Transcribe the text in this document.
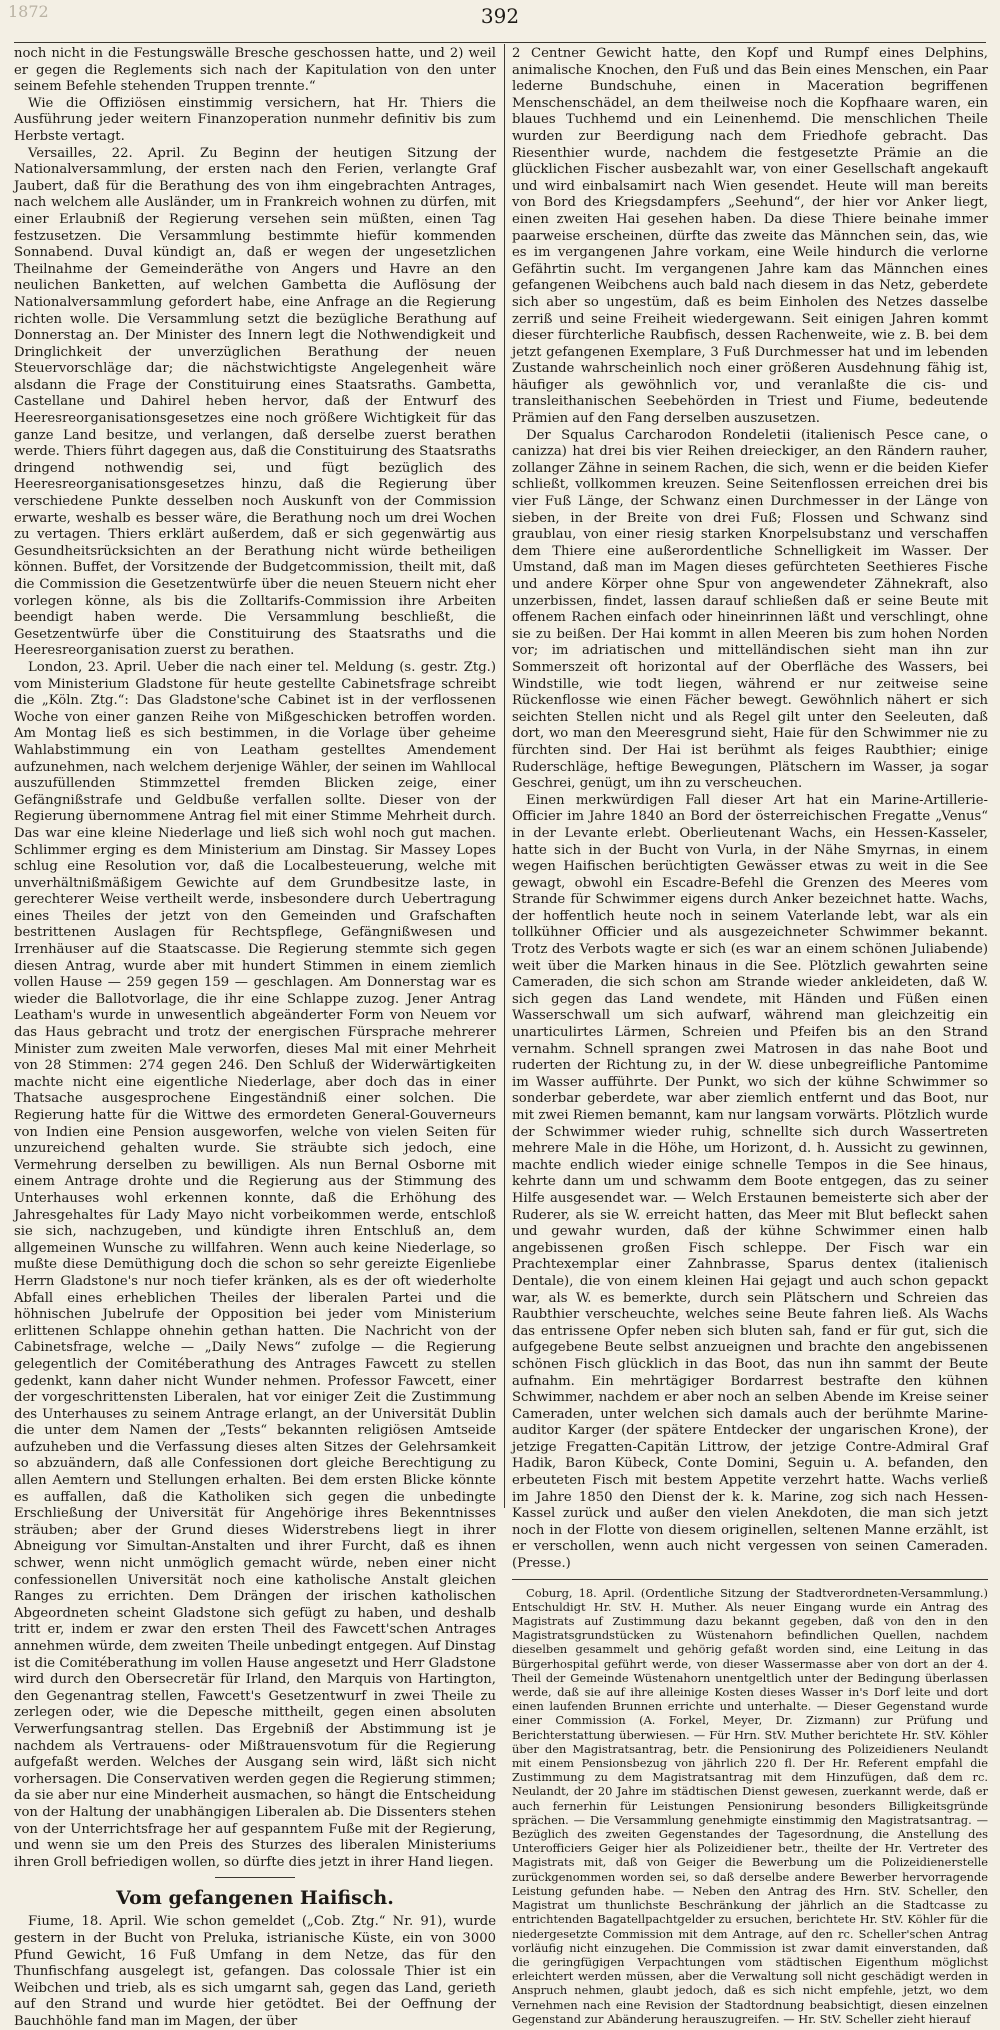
1872	392

noch nicht in die Festungswälle Bresche geschossen hatte, und 2) weil er gegen die Reglements sich nach der Kapitulation von den unter seinem Befehle stehenden Truppen trennte.“

Wie die Offiziösen einstimmig versichern, hat Hr. Thiers die Ausführung jeder weitern Finanzoperation nunmehr definitiv bis zum Herbste vertagt.

Versailles, 22. April. Zu Beginn der heutigen Sitzung der Nationalversammlung, der ersten nach den Ferien, verlangte Graf Jaubert, daß für die Berathung des von ihm eingebrachten Antrages, nach welchem alle Ausländer, um in Frankreich wohnen zu dürfen, mit einer Erlaubniß der Regierung versehen sein müßten, einen Tag festzusetzen. Die Versammlung bestimmte hiefür kommenden Sonnabend. Duval kündigt an, daß er wegen der ungesetzlichen Theilnahme der Gemeinderäthe von Angers und Havre an den neulichen Banketten, auf welchen Gambetta die Auflösung der Nationalversammlung gefordert habe, eine Anfrage an die Regierung richten wolle. Die Versammlung setzt die bezügliche Berathung auf Donnerstag an. Der Minister des Innern legt die Nothwendigkeit und Dringlichkeit der unverzüglichen Berathung der neuen Steuervorschläge dar; die nächstwichtigste Angelegenheit wäre alsdann die Frage der Constituirung eines Staatsraths. Gambetta, Castellane und Dahirel heben hervor, daß der Entwurf des Heeresreorganisationsgesetzes eine noch größere Wichtigkeit für das ganze Land besitze, und verlangen, daß derselbe zuerst berathen werde. Thiers führt dagegen aus, daß die Constituirung des Staatsraths dringend nothwendig sei, und fügt bezüglich des Heeresreorganisationsgesetzes hinzu, daß die Regierung über verschiedene Punkte desselben noch Auskunft von der Commission erwarte, weshalb es besser wäre, die Berathung noch um drei Wochen zu vertagen. Thiers erklärt außerdem, daß er sich gegenwärtig aus Gesundheitsrücksichten an der Berathung nicht würde betheiligen können. Buffet, der Vorsitzende der Budgetcommission, theilt mit, daß die Commission die Gesetzentwürfe über die neuen Steuern nicht eher vorlegen könne, als bis die Zolltarifs-Commission ihre Arbeiten beendigt haben werde. Die Versammlung beschließt, die Gesetzentwürfe über die Constituirung des Staatsraths und die Heeresreorganisation zuerst zu berathen.

London, 23. April. Ueber die nach einer tel. Meldung (s. gestr. Ztg.) vom Ministerium Gladstone für heute gestellte Cabinetsfrage schreibt die „Köln. Ztg.“: Das Gladstone'sche Cabinet ist in der verflossenen Woche von einer ganzen Reihe von Mißgeschicken betroffen worden. Am Montag ließ es sich bestimmen, in die Vorlage über geheime Wahlabstimmung ein von Leatham gestelltes Amendement aufzunehmen, nach welchem derjenige Wähler, der seinen im Wahllocal auszufüllenden Stimmzettel fremden Blicken zeige, einer Gefängnißstrafe und Geldbuße verfallen sollte. Dieser von der Regierung übernommene Antrag fiel mit einer Stimme Mehrheit durch. Das war eine kleine Niederlage und ließ sich wohl noch gut machen. Schlimmer erging es dem Ministerium am Dinstag. Sir Massey Lopes schlug eine Resolution vor, daß die Localbesteuerung, welche mit unverhältnißmäßigem Gewichte auf dem Grundbesitze laste, in gerechterer Weise vertheilt werde, insbesondere durch Uebertragung eines Theiles der jetzt von den Gemeinden und Grafschaften bestrittenen Auslagen für Rechtspflege, Gefängnißwesen und Irrenhäuser auf die Staatscasse. Die Regierung stemmte sich gegen diesen Antrag, wurde aber mit hundert Stimmen in einem ziemlich vollen Hause — 259 gegen 159 — geschlagen. Am Donnerstag war es wieder die Ballotvorlage, die ihr eine Schlappe zuzog. Jener Antrag Leatham's wurde in unwesentlich abgeänderter Form von Neuem vor das Haus gebracht und trotz der energischen Fürsprache mehrerer Minister zum zweiten Male verworfen, dieses Mal mit einer Mehrheit von 28 Stimmen: 274 gegen 246. Den Schluß der Widerwärtigkeiten machte nicht eine eigentliche Niederlage, aber doch das in einer Thatsache ausgesprochene Eingeständniß einer solchen. Die Regierung hatte für die Wittwe des ermordeten General-Gouverneurs von Indien eine Pension ausgeworfen, welche von vielen Seiten für unzureichend gehalten wurde. Sie sträubte sich jedoch, eine Vermehrung derselben zu bewilligen. Als nun Bernal Osborne mit einem Antrage drohte und die Regierung aus der Stimmung des Unterhauses wohl erkennen konnte, daß die Erhöhung des Jahresgehaltes für Lady Mayo nicht vorbeikommen werde, entschloß sie sich, nachzugeben, und kündigte ihren Entschluß an, dem allgemeinen Wunsche zu willfahren. Wenn auch keine Niederlage, so mußte diese Demüthigung doch die schon so sehr gereizte Eigenliebe Herrn Gladstone's nur noch tiefer kränken, als es der oft wiederholte Abfall eines erheblichen Theiles der liberalen Partei und die höhnischen Jubelrufe der Opposition bei jeder vom Ministerium erlittenen Schlappe ohnehin gethan hatten. Die Nachricht von der Cabinetsfrage, welche — „Daily News“ zufolge — die Regierung gelegentlich der Comitéberathung des Antrages Fawcett zu stellen gedenkt, kann daher nicht Wunder nehmen. Professor Fawcett, einer der vorgeschrittensten Liberalen, hat vor einiger Zeit die Zustimmung des Unterhauses zu seinem Antrage erlangt, an der Universität Dublin die unter dem Namen der „Tests“ bekannten religiösen Amtseide aufzuheben und die Verfassung dieses alten Sitzes der Gelehrsamkeit so abzuändern, daß alle Confessionen dort gleiche Berechtigung zu allen Aemtern und Stellungen erhalten. Bei dem ersten Blicke könnte es auffallen, daß die Katholiken sich gegen die unbedingte Erschließung der Universität für Angehörige ihres Bekenntnisses sträuben; aber der Grund dieses Widerstrebens liegt in ihrer Abneigung vor Simultan-Anstalten und ihrer Furcht, daß es ihnen schwer, wenn nicht unmöglich gemacht würde, neben einer nicht confessionellen Universität noch eine katholische Anstalt gleichen Ranges zu errichten. Dem Drängen der irischen katholischen Abgeordneten scheint Gladstone sich gefügt zu haben, und deshalb tritt er, indem er zwar den ersten Theil des Fawcett'schen Antrages annehmen würde, dem zweiten Theile unbedingt entgegen. Auf Dinstag ist die Comitéberathung im vollen Hause angesetzt und Herr Gladstone wird durch den Obersecretär für Irland, den Marquis von Hartington, den Gegenantrag stellen, Fawcett's Gesetzentwurf in zwei Theile zu zerlegen oder, wie die Depesche mittheilt, gegen einen absoluten Verwerfungsantrag stellen. Das Ergebniß der Abstimmung ist je nachdem als Vertrauens- oder Mißtrauensvotum für die Regierung aufgefaßt werden. Welches der Ausgang sein wird, läßt sich nicht vorhersagen. Die Conservativen werden gegen die Regierung stimmen; da sie aber nur eine Minderheit ausmachen, so hängt die Entscheidung von der Haltung der unabhängigen Liberalen ab. Die Dissenters stehen von der Unterrichtsfrage her auf gespanntem Fuße mit der Regierung, und wenn sie um den Preis des Sturzes des liberalen Ministeriums ihren Groll befriedigen wollen, so dürfte dies jetzt in ihrer Hand liegen.

Vom gefangenen Haifisch.

Fiume, 18. April. Wie schon gemeldet („Cob. Ztg.“ Nr. 91), wurde gestern in der Bucht von Preluka, istrianische Küste, ein von 3000 Pfund Gewicht, 16 Fuß Umfang in dem Netze, das für den Thunfischfang ausgelegt ist, gefangen. Das colossale Thier ist ein Weibchen und trieb, als es sich umgarnt sah, gegen das Land, gerieth auf den Strand und wurde hier getödtet. Bei der Oeffnung der Bauchhöhle fand man im Magen, der über

2 Centner Gewicht hatte, den Kopf und Rumpf eines Delphins, animalische Knochen, den Fuß und das Bein eines Menschen, ein Paar lederne Bundschuhe, einen in Maceration begriffenen Menschenschädel, an dem theilweise noch die Kopfhaare waren, ein blaues Tuchhemd und ein Leinenhemd. Die menschlichen Theile wurden zur Beerdigung nach dem Friedhofe gebracht. Das Riesenthier wurde, nachdem die festgesetzte Prämie an die glücklichen Fischer ausbezahlt war, von einer Gesellschaft angekauft und wird einbalsamirt nach Wien gesendet. Heute will man bereits von Bord des Kriegsdampfers „Seehund“, der hier vor Anker liegt, einen zweiten Hai gesehen haben. Da diese Thiere beinahe immer paarweise erscheinen, dürfte das zweite das Männchen sein, das, wie es im vergangenen Jahre vorkam, eine Weile hindurch die verlorne Gefährtin sucht. Im vergangenen Jahre kam das Männchen eines gefangenen Weibchens auch bald nach diesem in das Netz, geberdete sich aber so ungestüm, daß es beim Einholen des Netzes dasselbe zerriß und seine Freiheit wiedergewann. Seit einigen Jahren kommt dieser fürchterliche Raubfisch, dessen Rachenweite, wie z. B. bei dem jetzt gefangenen Exemplare, 3 Fuß Durchmesser hat und im lebenden Zustande wahrscheinlich noch einer größeren Ausdehnung fähig ist, häufiger als gewöhnlich vor, und veranlaßte die cis- und transleithanischen Seebehörden in Triest und Fiume, bedeutende Prämien auf den Fang derselben auszusetzen.

Der Squalus Carcharodon Rondeletii (italienisch Pesce cane, o canizza) hat drei bis vier Reihen dreieckiger, an den Rändern rauher, zollanger Zähne in seinem Rachen, die sich, wenn er die beiden Kiefer schließt, vollkommen kreuzen. Seine Seitenflossen erreichen drei bis vier Fuß Länge, der Schwanz einen Durchmesser in der Länge von sieben, in der Breite von drei Fuß; Flossen und Schwanz sind graublau, von einer riesig starken Knorpelsubstanz und verschaffen dem Thiere eine außerordentliche Schnelligkeit im Wasser. Der Umstand, daß man im Magen dieses gefürchteten Seethieres Fische und andere Körper ohne Spur von angewendeter Zähnekraft, also unzerbissen, findet, lassen darauf schließen daß er seine Beute mit offenem Rachen einfach oder hineinrinnen läßt und verschlingt, ohne sie zu beißen. Der Hai kommt in allen Meeren bis zum hohen Norden vor; im adriatischen und mittelländischen sieht man ihn zur Sommerszeit oft horizontal auf der Oberfläche des Wassers, bei Windstille, wie todt liegen, während er nur zeitweise seine Rückenflosse wie einen Fächer bewegt. Gewöhnlich nähert er sich seichten Stellen nicht und als Regel gilt unter den Seeleuten, daß dort, wo man den Meeresgrund sieht, Haie für den Schwimmer nie zu fürchten sind. Der Hai ist berühmt als feiges Raubthier; einige Ruderschläge, heftige Bewegungen, Plätschern im Wasser, ja sogar Geschrei, genügt, um ihn zu verscheuchen.

Einen merkwürdigen Fall dieser Art hat ein Marine-Artillerie-Officier im Jahre 1840 an Bord der österreichischen Fregatte „Venus“ in der Levante erlebt. Oberlieutenant Wachs, ein Hessen-Kasseler, hatte sich in der Bucht von Vurla, in der Nähe Smyrnas, in einem wegen Haifischen berüchtigten Gewässer etwas zu weit in die See gewagt, obwohl ein Escadre-Befehl die Grenzen des Meeres vom Strande für Schwimmer eigens durch Anker bezeichnet hatte. Wachs, der hoffentlich heute noch in seinem Vaterlande lebt, war als ein tollkühner Officier und als ausgezeichneter Schwimmer bekannt. Trotz des Verbots wagte er sich (es war an einem schönen Juliabende) weit über die Marken hinaus in die See. Plötzlich gewahrten seine Cameraden, die sich schon am Strande wieder ankleideten, daß W. sich gegen das Land wendete, mit Händen und Füßen einen Wasserschwall um sich aufwarf, während man gleichzeitig ein unarticulirtes Lärmen, Schreien und Pfeifen bis an den Strand vernahm. Schnell sprangen zwei Matrosen in das nahe Boot und ruderten der Richtung zu, in der W. diese unbegreifliche Pantomime im Wasser aufführte. Der Punkt, wo sich der kühne Schwimmer so sonderbar geberdete, war aber ziemlich entfernt und das Boot, nur mit zwei Riemen bemannt, kam nur langsam vorwärts. Plötzlich wurde der Schwimmer wieder ruhig, schnellte sich durch Wassertreten mehrere Male in die Höhe, um Horizont, d. h. Aussicht zu gewinnen, machte endlich wieder einige schnelle Tempos in die See hinaus, kehrte dann um und schwamm dem Boote entgegen, das zu seiner Hilfe ausgesendet war. — Welch Erstaunen bemeisterte sich aber der Ruderer, als sie W. erreicht hatten, das Meer mit Blut befleckt sahen und gewahr wurden, daß der kühne Schwimmer einen halb angebissenen großen Fisch schleppe. Der Fisch war ein Prachtexemplar einer Zahnbrasse, Sparus dentex (italienisch Dentale), die von einem kleinen Hai gejagt und auch schon gepackt war, als W. es bemerkte, durch sein Plätschern und Schreien das Raubthier verscheuchte, welches seine Beute fahren ließ. Als Wachs das entrissene Opfer neben sich bluten sah, fand er für gut, sich die aufgegebene Beute selbst anzueignen und brachte den angebissenen schönen Fisch glücklich in das Boot, das nun ihn sammt der Beute aufnahm. Ein mehrtägiger Bordarrest bestrafte den kühnen Schwimmer, nachdem er aber noch an selben Abende im Kreise seiner Cameraden, unter welchen sich damals auch der berühmte Marine-auditor Karger (der spätere Entdecker der ungarischen Krone), der jetzige Fregatten-Capitän Littrow, der jetzige Contre-Admiral Graf Hadik, Baron Kübeck, Conte Domini, Seguin u. A. befanden, den erbeuteten Fisch mit bestem Appetite verzehrt hatte. Wachs verließ im Jahre 1850 den Dienst der k. k. Marine, zog sich nach Hessen-Kassel zurück und außer den vielen Anekdoten, die man sich jetzt noch in der Flotte von diesem originellen, seltenen Manne erzählt, ist er verschollen, wenn auch nicht vergessen von seinen Cameraden. (Presse.)

Coburg, 18. April. (Ordentliche Sitzung der Stadtverordneten-Versammlung.) Entschuldigt Hr. StV. H. Muther. Als neuer Eingang wurde ein Antrag des Magistrats auf Zustimmung dazu bekannt gegeben, daß von den in den Magistratsgrundstücken zu Wüstenahorn befindlichen Quellen, nachdem dieselben gesammelt und gehörig gefaßt worden sind, eine Leitung in das Bürgerhospital geführt werde, von dieser Wassermasse aber von dort an der 4. Theil der Gemeinde Wüstenahorn unentgeltlich unter der Bedingung überlassen werde, daß sie auf ihre alleinige Kosten dieses Wasser in's Dorf leite und dort einen laufenden Brunnen errichte und unterhalte. — Dieser Gegenstand wurde einer Commission (A. Forkel, Meyer, Dr. Zizmann) zur Prüfung und Berichterstattung überwiesen. — Für Hrn. StV. Muther berichtete Hr. StV. Köhler über den Magistratsantrag, betr. die Pensionirung des Polizeidieners Neulandt mit einem Pensionsbezug von jährlich 220 fl. Der Hr. Referent empfahl die Zustimmung zu dem Magistratsantrag mit dem Hinzufügen, daß dem rc. Neulandt, der 20 Jahre im städtischen Dienst gewesen, zuerkannt werde, daß er auch fernerhin für Leistungen Pensionirung besonders Billigkeitsgründe sprächen. — Die Versammlung genehmigte einstimmig den Magistratsantrag. — Bezüglich des zweiten Gegenstandes der Tagesordnung, die Anstellung des Unterofficiers Geiger hier als Polizeidiener betr., theilte der Hr. Vertreter des Magistrats mit, daß von Geiger die Bewerbung um die Polizeidienerstelle zurückgenommen worden sei, so daß derselbe andere Bewerber hervorragende Leistung gefunden habe. — Neben den Antrag des Hrn. StV. Scheller, den Magistrat um thunlichste Beschränkung der jährlich an die Stadtcasse zu entrichtenden Bagatellpachtgelder zu ersuchen, berichtete Hr. StV. Köhler für die niedergesetzte Commission mit dem Antrage, auf den rc. Scheller'schen Antrag vorläufig nicht einzugehen. Die Commission ist zwar damit einverstanden, daß die geringfügigen Verpachtungen vom städtischen Eigenthum möglichst erleichtert werden müssen, aber die Verwaltung soll nicht geschädigt werden in Anspruch nehmen, glaubt jedoch, daß es sich nicht empfehle, jetzt, wo dem Vernehmen nach eine Revision der Stadtordnung beabsichtigt, diesen einzelnen Gegenstand zur Abänderung herauszugreifen. — Hr. StV. Scheller zieht hierauf
